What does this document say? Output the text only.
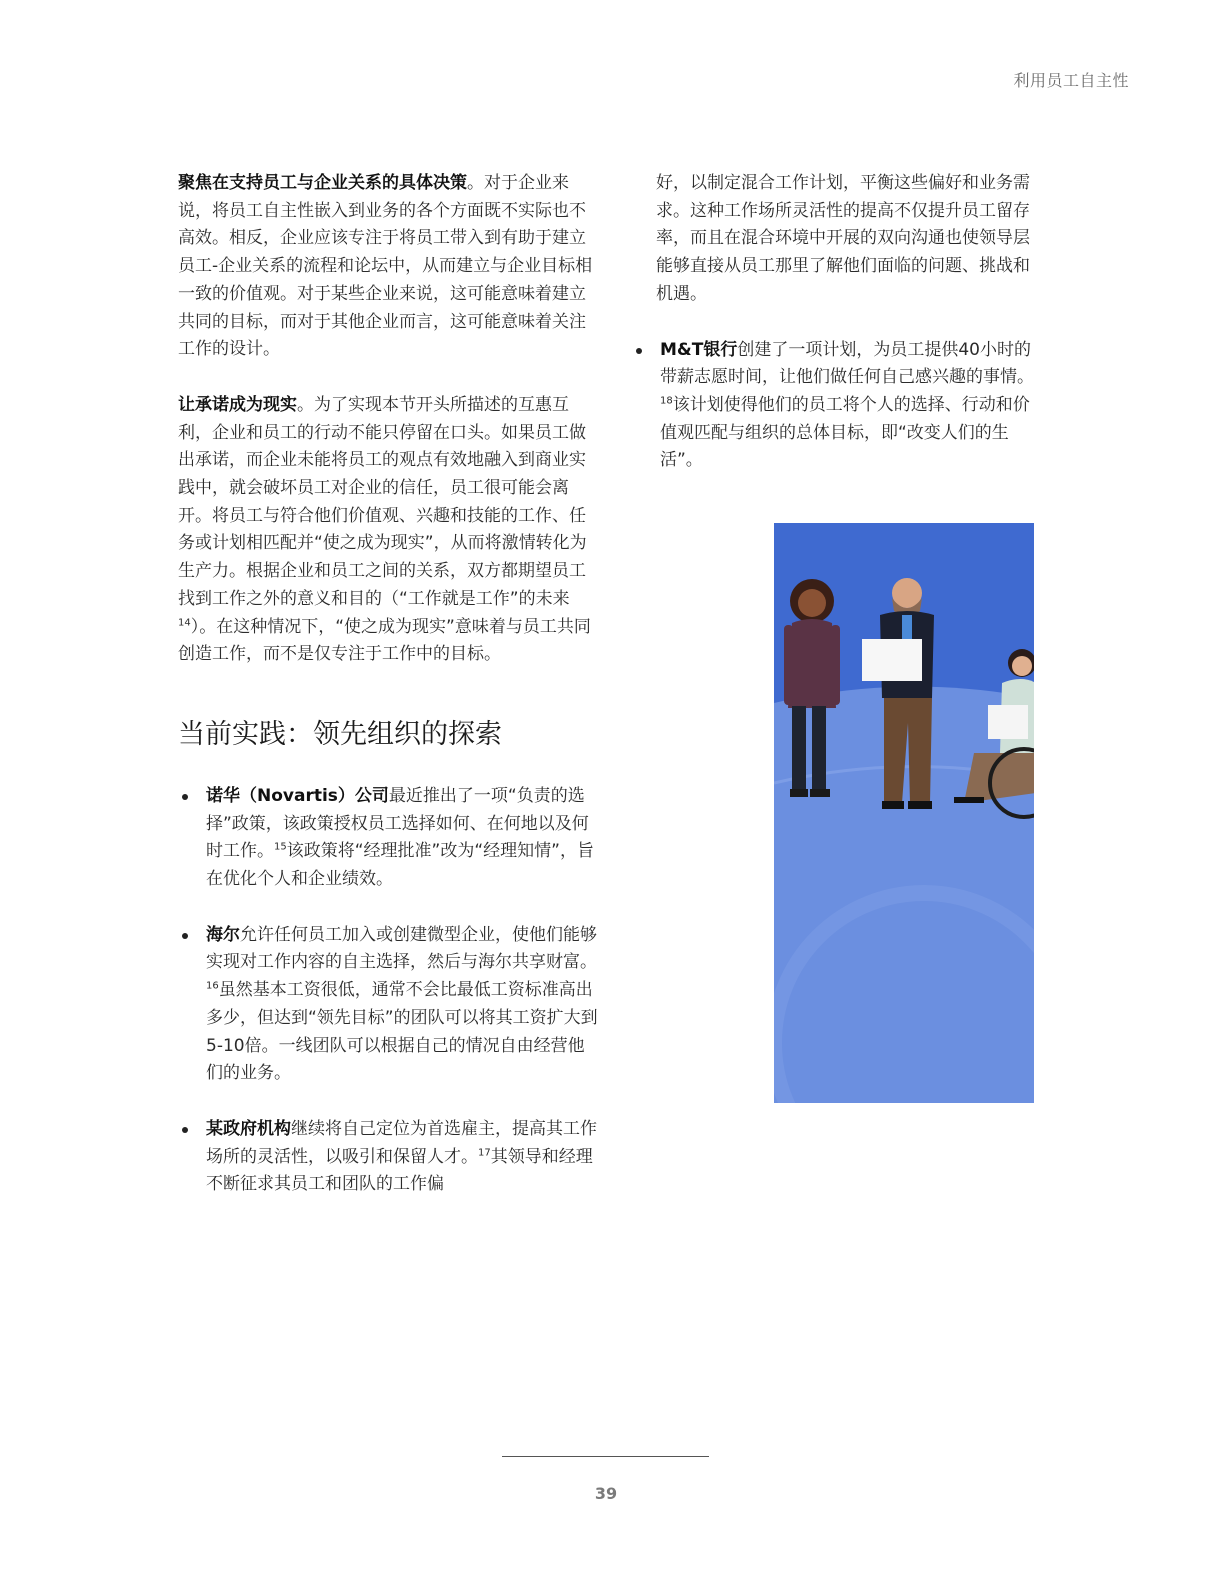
利用员工自主性

聚焦在支持员工与企业关系的具体决策。对于企业来说，将员工自主性嵌入到业务的各个方面既不实际也不高效。相反，企业应该专注于将员工带入到有助于建立员工-企业关系的流程和论坛中，从而建立与企业目标相一致的价值观。对于某些企业来说，这可能意味着建立共同的目标，而对于其他企业而言，这可能意味着关注工作的设计。

让承诺成为现实。为了实现本节开头所描述的互惠互利，企业和员工的行动不能只停留在口头。如果员工做出承诺，而企业未能将员工的观点有效地融入到商业实践中，就会破坏员工对企业的信任，员工很可能会离开。将员工与符合他们价值观、兴趣和技能的工作、任务或计划相匹配并“使之成为现实”，从而将激情转化为生产力。根据企业和员工之间的关系，双方都期望员工找到工作之外的意义和目的（“工作就是工作”的未来$^{14}$）。在这种情况下，“使之成为现实”意味着与员工共同创造工作，而不是仅专注于工作中的目标。

当前实践：领先组织的探索
诺华（Novartis）公司最近推出了一项“负责的选择”政策，该政策授权员工选择如何、在何地以及何时工作。$^{15}$该政策将“经理批准”改为“经理知情”，旨在优化个人和企业绩效。
海尔允许任何员工加入或创建微型企业，使他们能够实现对工作内容的自主选择，然后与海尔共享财富。$^{16}$虽然基本工资很低，通常不会比最低工资标准高出多少，但达到“领先目标”的团队可以将其工资扩大到5-10倍。一线团队可以根据自己的情况自由经营他们的业务。
某政府机构继续将自己定位为首选雇主，提高其工作场所的灵活性，以吸引和保留人才。$^{17}$其领导和经理不断征求其员工和团队的工作偏

好，以制定混合工作计划，平衡这些偏好和业务需求。这种工作场所灵活性的提高不仅提升员工留存率，而且在混合环境中开展的双向沟通也使领导层能够直接从员工那里了解他们面临的问题、挑战和机遇。

M&T银行创建了一项计划，为员工提供40小时的带薪志愿时间，让他们做任何自己感兴趣的事情。$^{18}$该计划使得他们的员工将个人的选择、行动和价值观匹配与组织的总体目标，即“改变人们的生活”。
39
